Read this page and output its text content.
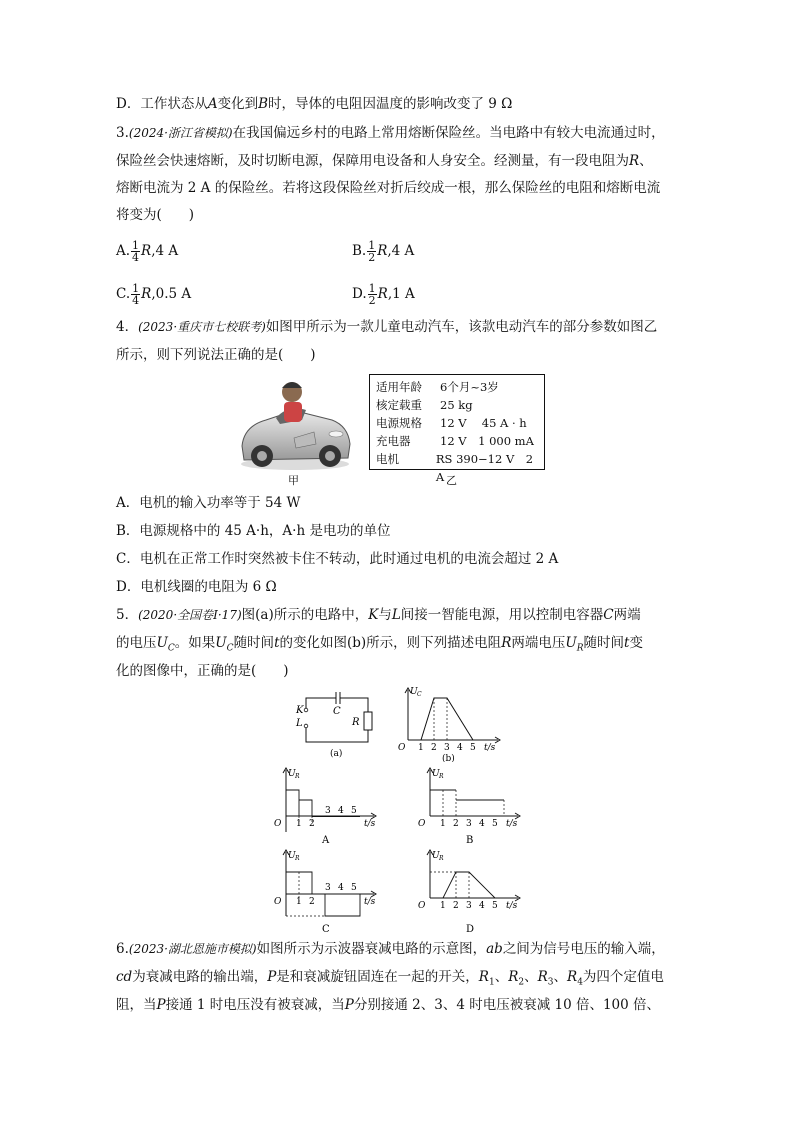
D．工作状态从A变化到B时，导体的电阻因温度的影响改变了 9 Ω
3.(2024·浙江省模拟)在我国偏远乡村的电路上常用熔断保险丝。当电路中有较大电流通过时，
保险丝会快速熔断，及时切断电源，保障用电设备和人身安全。经测量，有一段电阻为R、
熔断电流为 2 A 的保险丝。若将这段保险丝对折后绞成一根，那么保险丝的电阻和熔断电流
将变为(　　)
A. $\frac{1}{4} R,4$ A	B. $\frac{1}{2} R,4$ A
C. $\frac{1}{4} R,0.5$ A	D. $\frac{1}{2} R,1$ A
4．(2023·重庆市七校联考)如图甲所示为一款儿童电动汽车，该款电动汽车的部分参数如图乙
所示，则下列说法正确的是(　　)
甲
适用年龄	6个月~3岁
核定载重	25 kg
电源规格	12 V　 45 A · h
充电器	12 V　1 000 mA
电机	RS 390−12 V　2 A 乙
A．电机的输入功率等于 54 W
B．电源规格中的 45 A·h，A·h 是电功的单位
C．电机在正常工作时突然被卡住不转动，此时通过电机的电流会超过 2 A
D．电机线圈的电阻为 6 Ω
5．(2020·全国卷Ⅰ·17)图(a)所示的电路中，K与L间接一智能电源，用以控制电容器C两端
的电压$U_C$。如果$U_C$随时间t的变化如图(b)所示，则下列描述电阻R两端电压$U_R$随时间t变
化的图像中，正确的是(　　)
K
L
C
R
(a)
U C
O 1 2 3 4 5 t/s
(b)
U R
O 1 2
3 4 5
t/s
A
U R
O 1 2 3 4 5 t/s
B
U R
O 1 2
3 4 5
t/s
C
U R
O 1 2 3 4 5 t/s
D
6.(2023·湖北恩施市模拟)如图所示为示波器衰减电路的示意图，ab之间为信号电压的输入端，
cd为衰减电路的输出端，P是和衰减旋钮固连在一起的开关，$R_1$、$R_2$、$R_3$、$R_4$为四个定值电
阻，当P接通 1 时电压没有被衰减，当P分别接通 2、3、4 时电压被衰减 10 倍、100 倍、
